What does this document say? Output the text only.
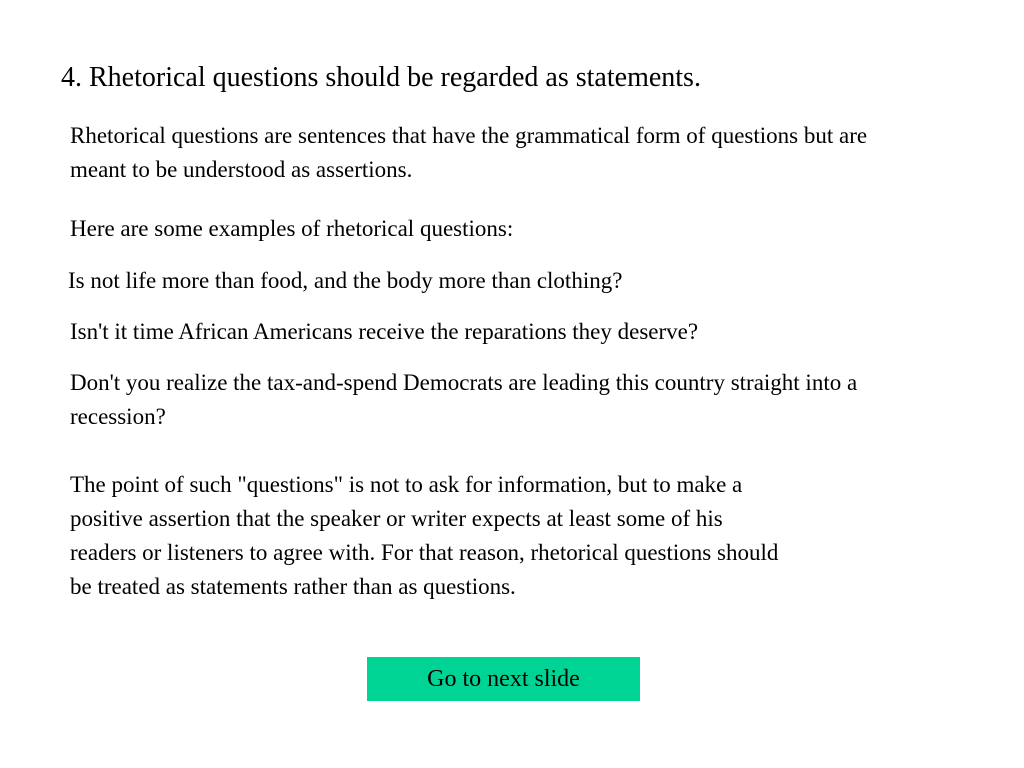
4. Rhetorical questions should be regarded as statements.

Rhetorical questions are sentences that have the grammatical form of questions but are
meant to be understood as assertions.

Here are some examples of rhetorical questions:

Is not life more than food, and the body more than clothing?

Isn't it time African Americans receive the reparations they deserve?

Don't you realize the tax-and-spend Democrats are leading this country straight into a
recession?

The point of such "questions" is not to ask for information, but to make a
positive assertion that the speaker or writer expects at least some of his
readers or listeners to agree with. For that reason, rhetorical questions should
be treated as statements rather than as questions.

Go to next slide
